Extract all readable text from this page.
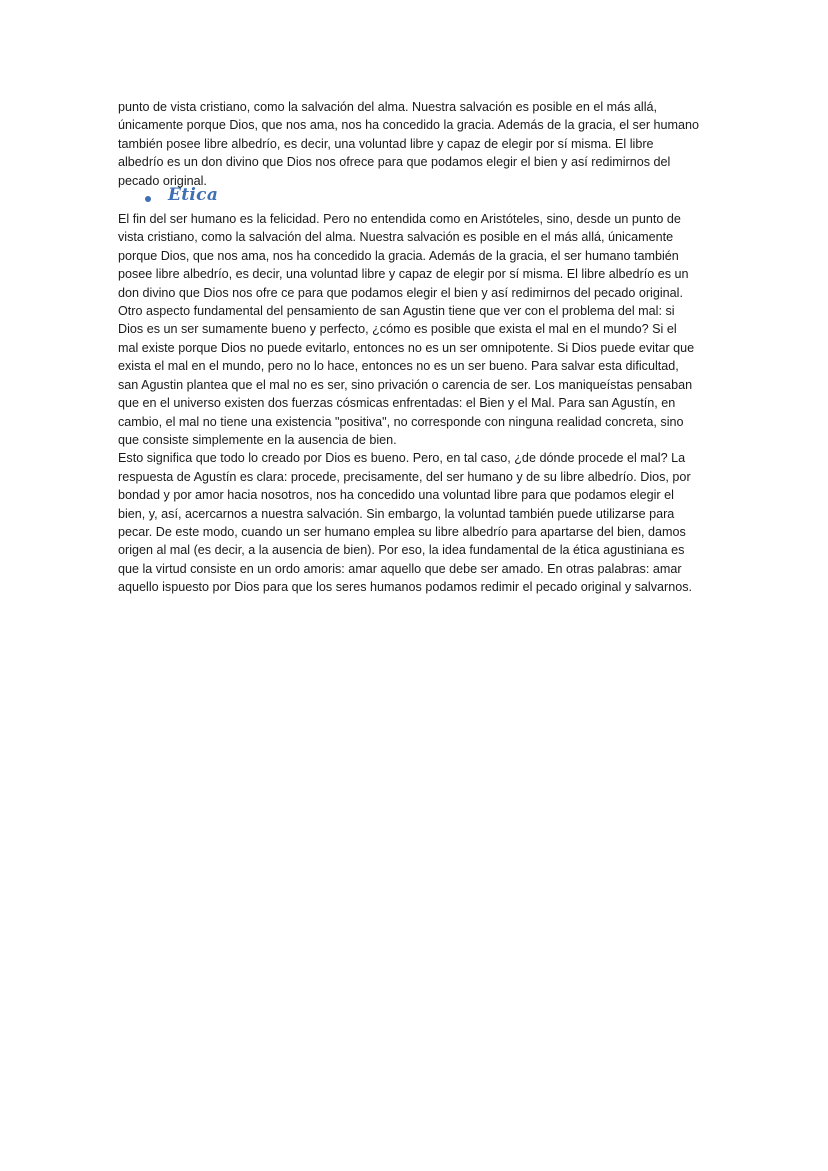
punto de vista cristiano, como la salvación del alma. Nuestra salvación es posible en el más allá, únicamente porque Dios, que nos ama, nos ha concedido la gracia. Además de la gracia, el ser humano también posee libre albedrío, es decir, una voluntad libre y capaz de elegir por sí misma. El libre albedrío es un don divino que Dios nos ofrece para que podamos elegir el bien y así redimirnos del pecado original.

Etica

El fin del ser humano es la felicidad. Pero no entendida como en Aristóteles, sino, desde un punto de vista cristiano, como la salvación del alma. Nuestra salvación es posible en el más allá, únicamente porque Dios, que nos ama, nos ha concedido la gracia. Además de la gracia, el ser humano también posee libre albedrío, es decir, una voluntad libre y capaz de elegir por sí misma. El libre albedrío es un don divino que Dios nos ofre ce para que podamos elegir el bien y así redimirnos del pecado original.

Otro aspecto fundamental del pensamiento de san Agustin tiene que ver con el problema del mal: si Dios es un ser sumamente bueno y perfecto, ¿cómo es posible que exista el mal en el mundo? Si el mal existe porque Dios no puede evitarlo, entonces no es un ser omnipotente. Si Dios puede evitar que exista el mal en el mundo, pero no lo hace, entonces no es un ser bueno. Para salvar esta dificultad, san Agustin plantea que el mal no es ser, sino privación o carencia de ser. Los maniqueístas pensaban que en el universo existen dos fuerzas cósmicas enfrentadas: el Bien y el Mal. Para san Agustín, en cambio, el mal no tiene una existencia "positiva", no corresponde con ninguna realidad concreta, sino que consiste simplemente en la ausencia de bien.

Esto significa que todo lo creado por Dios es bueno. Pero, en tal caso, ¿de dónde procede el mal? La respuesta de Agustín es clara: procede, precisamente, del ser humano y de su libre albedrío. Dios, por bondad y por amor hacia nosotros, nos ha concedido una voluntad libre para que podamos elegir el bien, y, así, acercarnos a nuestra salvación. Sin embargo, la voluntad también puede utilizarse para pecar. De este modo, cuando un ser humano emplea su libre albedrío para apartarse del bien, damos origen al mal (es decir, a la ausencia de bien). Por eso, la idea fundamental de la ética agustiniana es que la virtud consiste en un ordo amoris: amar aquello que debe ser amado. En otras palabras: amar aquello ispuesto por Dios para que los seres humanos podamos redimir el pecado original y salvarnos.
